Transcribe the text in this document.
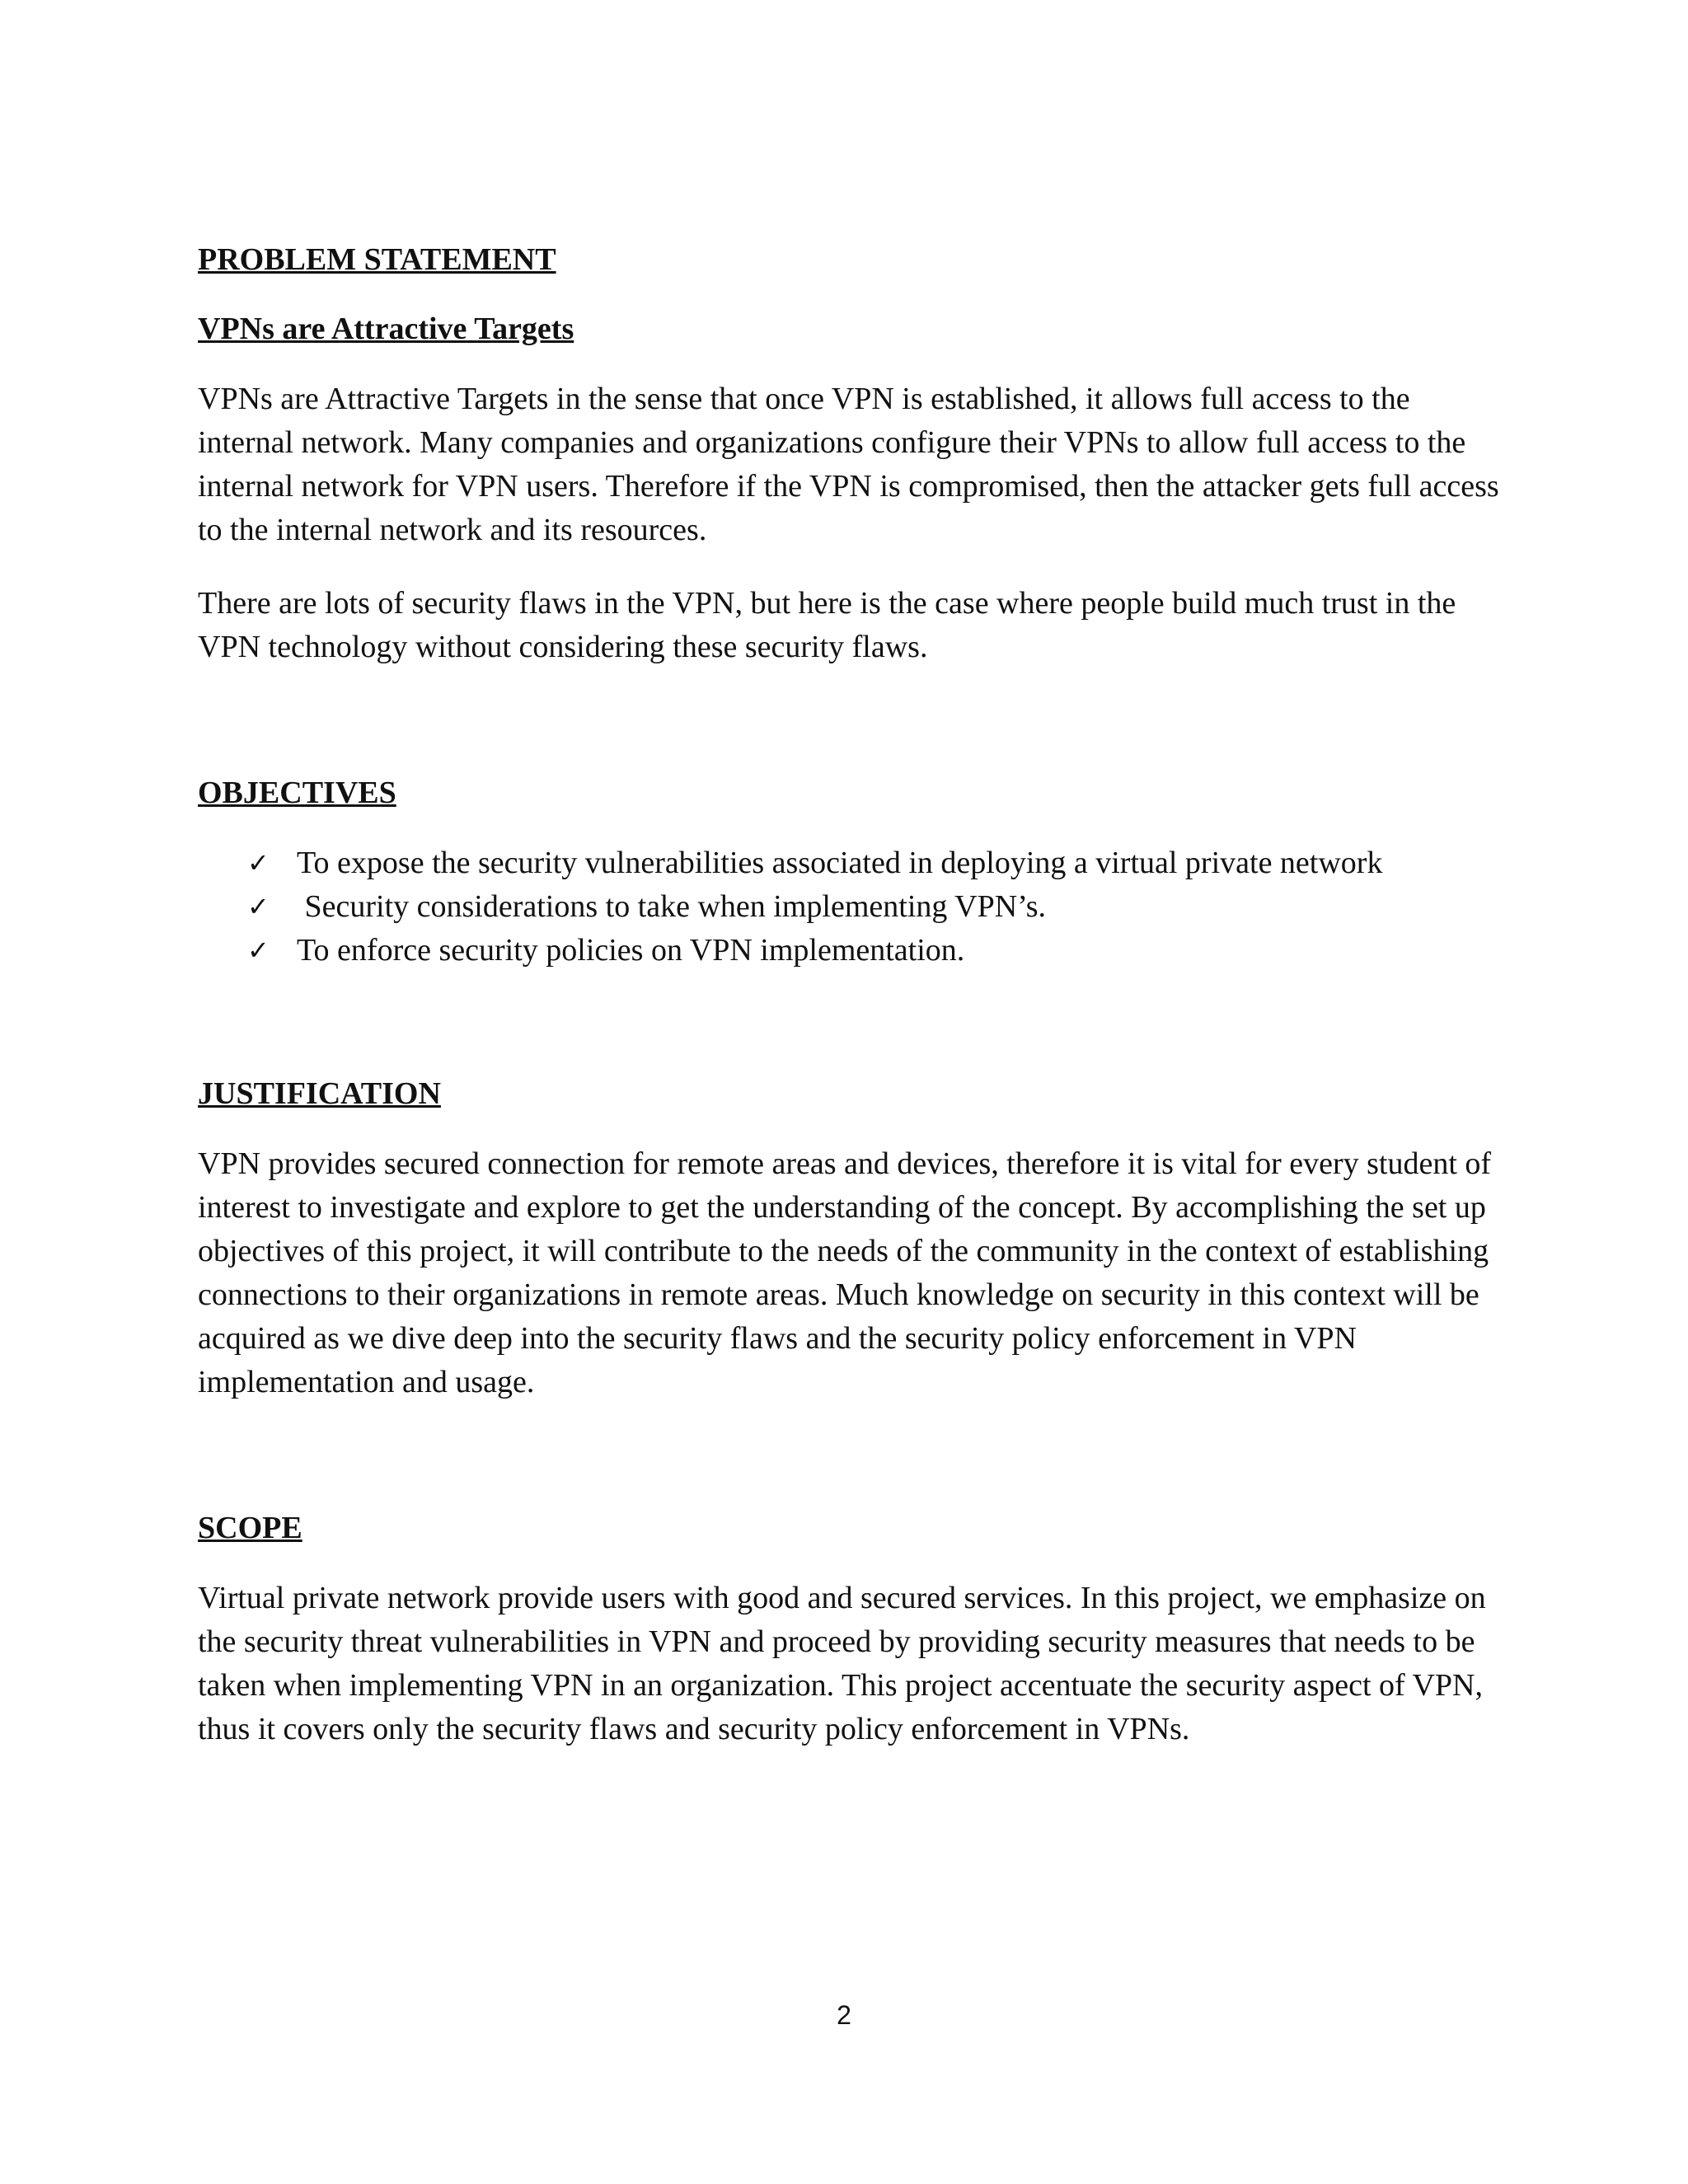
PROBLEM STATEMENT
VPNs are Attractive Targets

VPNs are Attractive Targets in the sense that once VPN is established, it allows full access to the internal network. Many companies and organizations configure their VPNs to allow full access to the internal network for VPN users. Therefore if the VPN is compromised, then the attacker gets full access to the internal network and its resources.

There are lots of security flaws in the VPN, but here is the case where people build much trust in the VPN technology without considering these security flaws.

OBJECTIVES
✓ To expose the security vulnerabilities associated in deploying a virtual private network
✓ Security considerations to take when implementing VPN’s.
✓ To enforce security policies on VPN implementation.
JUSTIFICATION

VPN provides secured connection for remote areas and devices, therefore it is vital for every student of interest to investigate and explore to get the understanding of the concept. By accomplishing the set up objectives of this project, it will contribute to the needs of the community in the context of establishing connections to their organizations in remote areas. Much knowledge on security in this context will be acquired as we dive deep into the security flaws and the security policy enforcement in VPN implementation and usage.

SCOPE

Virtual private network provide users with good and secured services. In this project, we emphasize on the security threat vulnerabilities in VPN and proceed by providing security measures that needs to be taken when implementing VPN in an organization. This project accentuate the security aspect of VPN, thus it covers only the security flaws and security policy enforcement in VPNs.

2
